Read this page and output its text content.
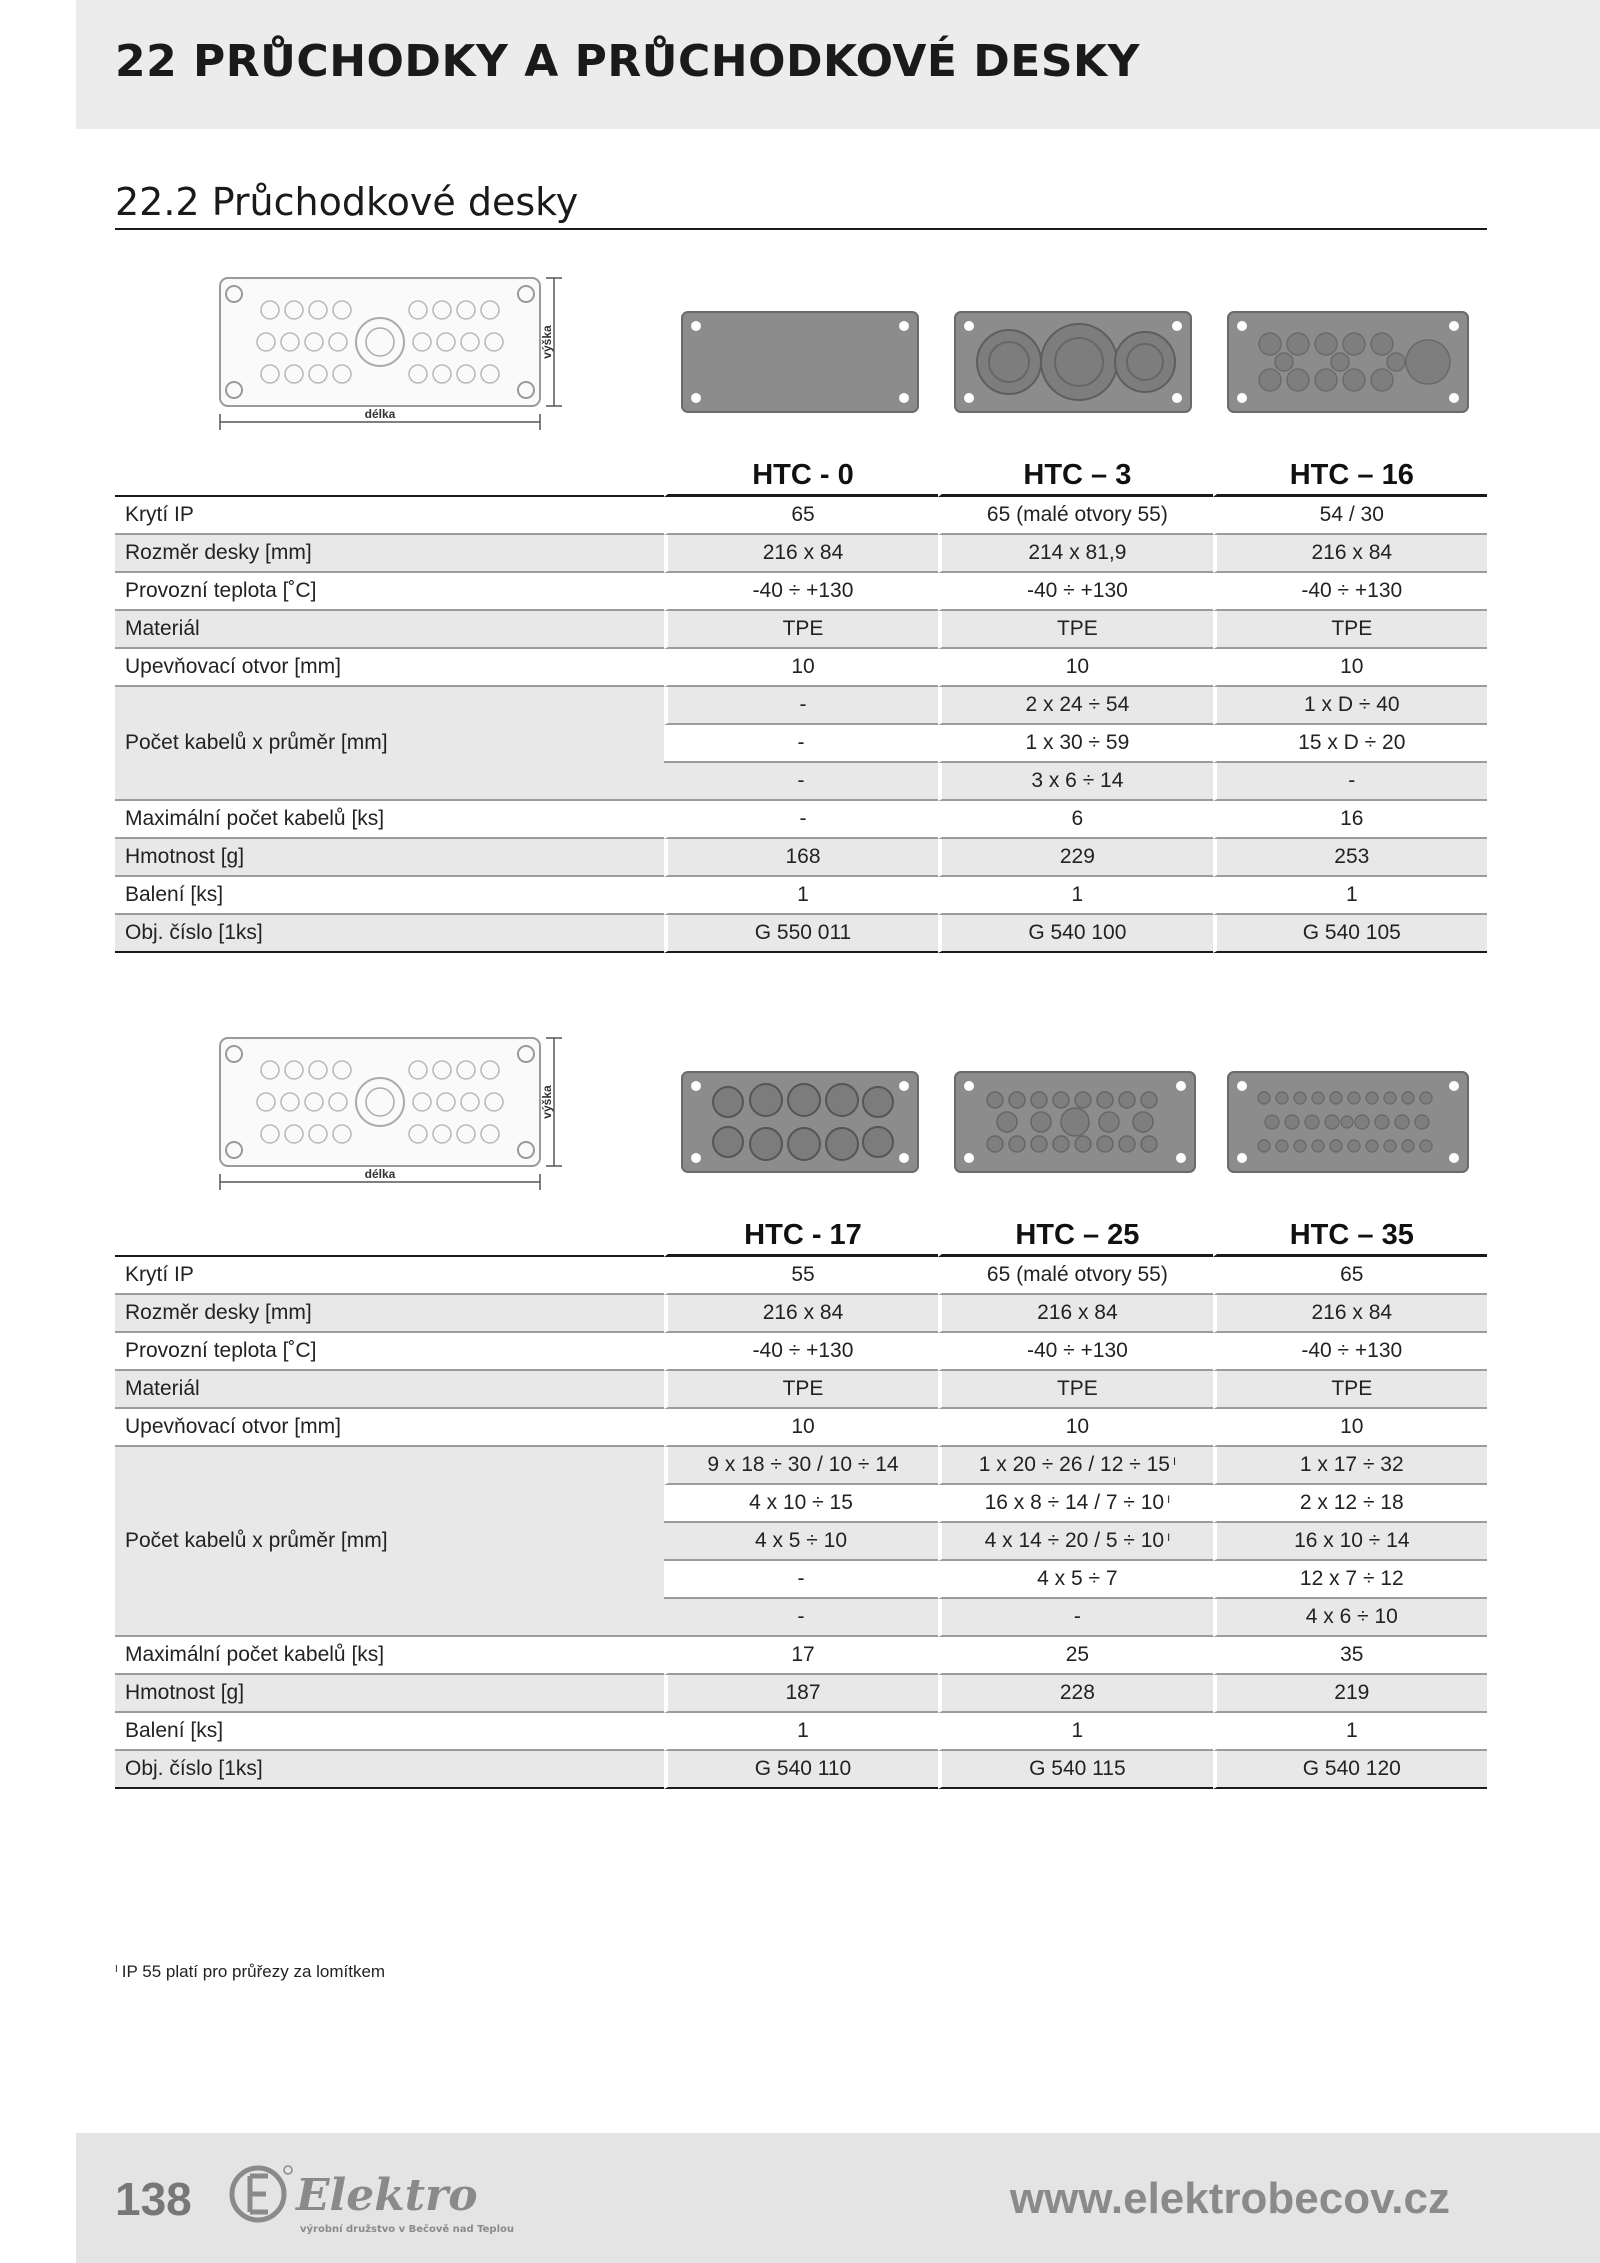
22 PRŮCHODKY A PRŮCHODKOVÉ DESKY
22.2 Průchodkové desky
délka
výška
	HTC - 0	HTC – 3	HTC – 16
Krytí IP	65	65 (malé otvory 55)	54 / 30
Rozměr desky [mm]	216 x 84	214 x 81,9	216 x 84
Provozní teplota [˚C]	-40 ÷ +130	-40 ÷ +130	-40 ÷ +130
Materiál	TPE	TPE	TPE
Upevňovací otvor [mm]	10	10	10
Počet kabelů x průměr [mm]	-	2 x 24 ÷ 54	1 x D ÷ 40
	-	1 x 30 ÷ 59	15 x D ÷ 20
	-	3 x 6 ÷ 14	-
Maximální počet kabelů [ks]	-	6	16
Hmotnost [g]	168	229	253
Balení [ks]	1	1	1
Obj. číslo [1ks]	G 550 011	G 540 100	G 540 105
délka
výška
	HTC - 17	HTC – 25	HTC – 35
Krytí IP	55	65 (malé otvory 55)	65
Rozměr desky [mm]	216 x 84	216 x 84	216 x 84
Provozní teplota [˚C]	-40 ÷ +130	-40 ÷ +130	-40 ÷ +130
Materiál	TPE	TPE	TPE
Upevňovací otvor [mm]	10	10	10
Počet kabelů x průměr [mm]	9 x 18 ÷ 30 / 10 ÷ 14	1 x 20 ÷ 26 / 12 ÷ 15 $^I$	1 x 17 ÷ 32
	4 x 10 ÷ 15	16 x 8 ÷ 14 / 7 ÷ 10 $^I$	2 x 12 ÷ 18
	4 x 5 ÷ 10	4 x 14 ÷ 20 / 5 ÷ 10 $^I$	16 x 10 ÷ 14
	-	4 x 5 ÷ 7	12 x 7 ÷ 12
	-	-	4 x 6 ÷ 10
Maximální počet kabelů [ks]	17	25	35
Hmotnost [g]	187	228	219
Balení [ks]	1	1	1
Obj. číslo [1ks]	G 540 110	G 540 115	G 540 120
$^I$ IP 55 platí pro průřezy za lomítkem
138 Elektro
výrobní družstvo v Bečově nad Teplou
www.elektrobecov.cz
